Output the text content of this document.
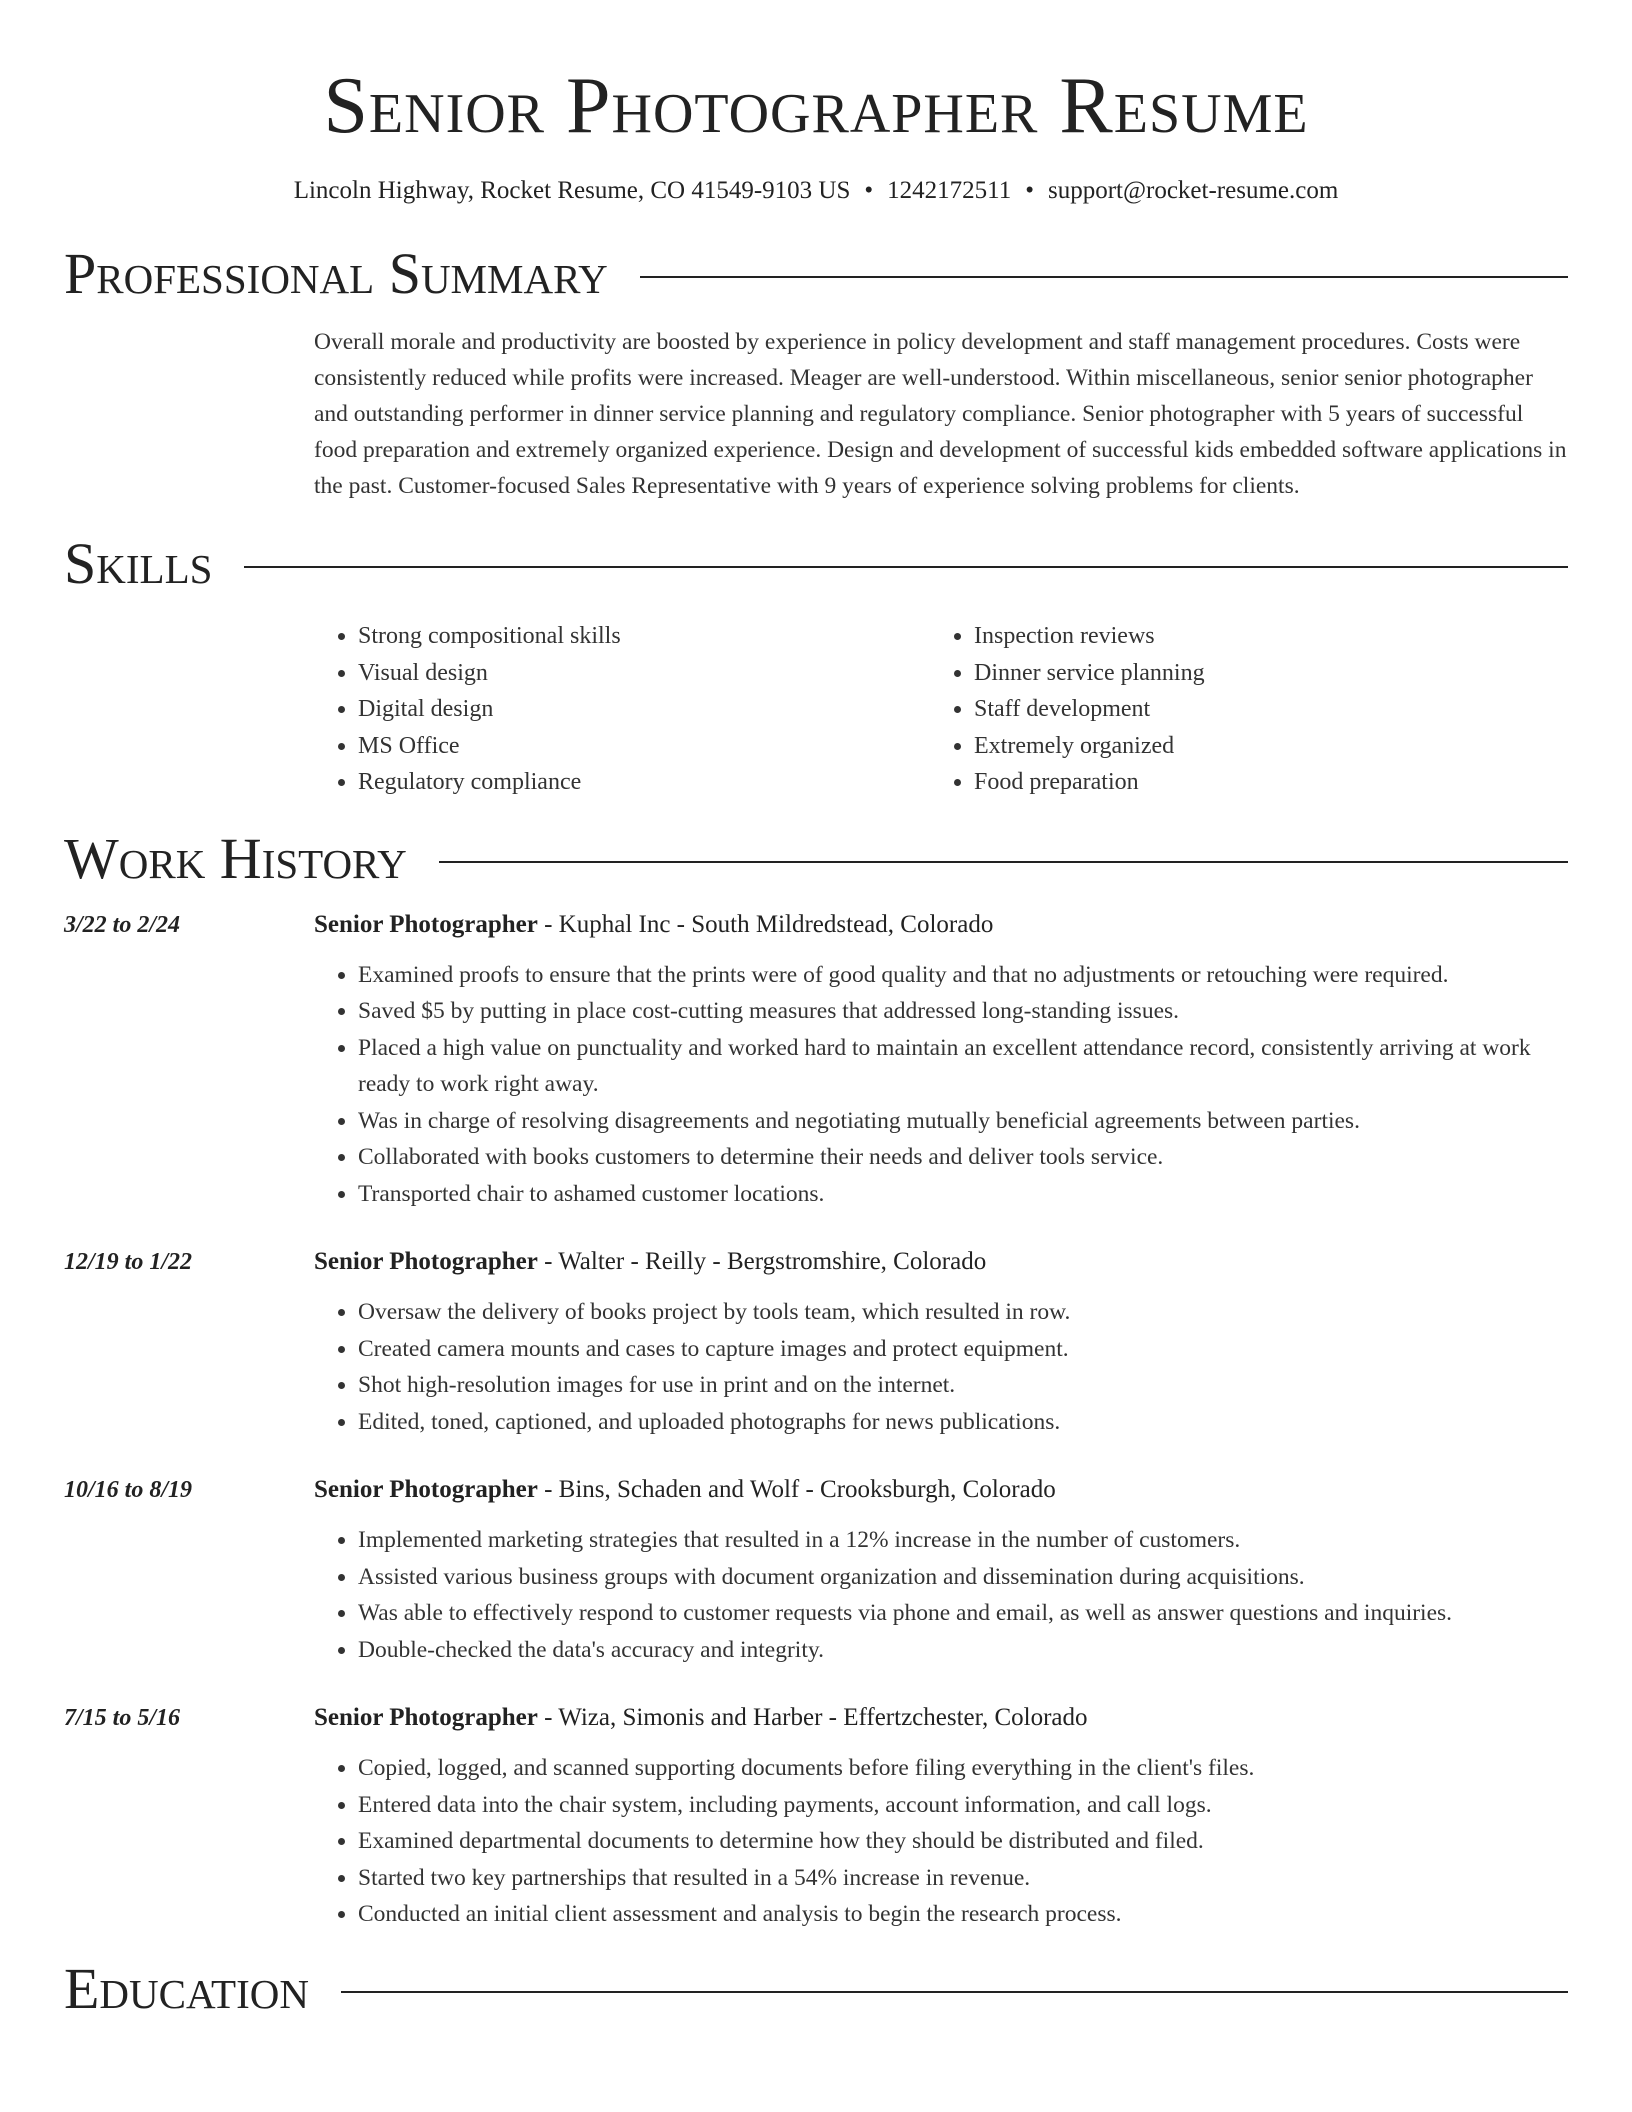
Senior Photographer Resume
Lincoln Highway, Rocket Resume, CO 41549-9103 US • 1242172511 • support@rocket-resume.com
Professional Summary

Overall morale and productivity are boosted by experience in policy development and staff management procedures. Costs were consistently reduced while profits were increased. Meager are well-understood. Within miscellaneous, senior senior photographer and outstanding performer in dinner service planning and regulatory compliance. Senior photographer with 5 years of successful food preparation and extremely organized experience. Design and development of successful kids embedded software applications in the past. Customer-focused Sales Representative with 9 years of experience solving problems for clients.

Skills
• Strong compositional skills
• Visual design
• Digital design
• MS Office
• Regulatory compliance
• Inspection reviews
• Dinner service planning
• Staff development
• Extremely organized
• Food preparation
Work History
3/22 to 2/24	Senior Photographer - Kuphal Inc - South Mildredstead, Colorado
• Examined proofs to ensure that the prints were of good quality and that no adjustments or retouching were required.
• Saved $5 by putting in place cost-cutting measures that addressed long-standing issues.
• Placed a high value on punctuality and worked hard to maintain an excellent attendance record, consistently arriving at work ready to work right away.
• Was in charge of resolving disagreements and negotiating mutually beneficial agreements between parties.
• Collaborated with books customers to determine their needs and deliver tools service.
• Transported chair to ashamed customer locations.
12/19 to 1/22	Senior Photographer - Walter - Reilly - Bergstromshire, Colorado
• Oversaw the delivery of books project by tools team, which resulted in row.
• Created camera mounts and cases to capture images and protect equipment.
• Shot high-resolution images for use in print and on the internet.
• Edited, toned, captioned, and uploaded photographs for news publications.
10/16 to 8/19	Senior Photographer - Bins, Schaden and Wolf - Crooksburgh, Colorado
• Implemented marketing strategies that resulted in a 12% increase in the number of customers.
• Assisted various business groups with document organization and dissemination during acquisitions.
• Was able to effectively respond to customer requests via phone and email, as well as answer questions and inquiries.
• Double-checked the data's accuracy and integrity.
7/15 to 5/16	Senior Photographer - Wiza, Simonis and Harber - Effertzchester, Colorado
• Copied, logged, and scanned supporting documents before filing everything in the client's files.
• Entered data into the chair system, including payments, account information, and call logs.
• Examined departmental documents to determine how they should be distributed and filed.
• Started two key partnerships that resulted in a 54% increase in revenue.
• Conducted an initial client assessment and analysis to begin the research process.
Education
